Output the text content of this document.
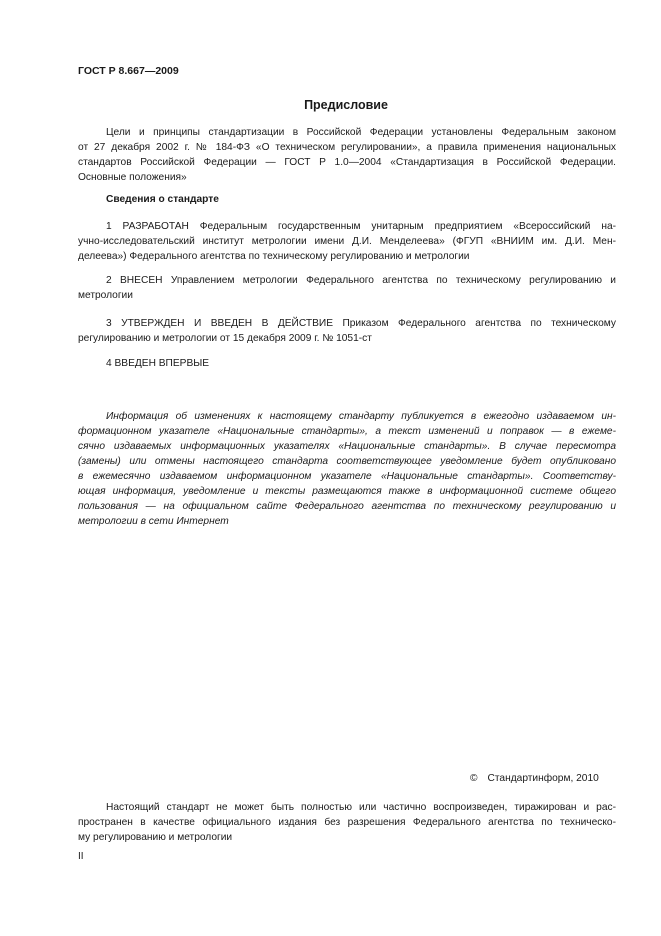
ГОСТ Р 8.667—2009
Предисловие
Цели и принципы стандартизации в Российской Федерации установлены Федеральным законом
от 27 декабря 2002 г. № 184-ФЗ «О техническом регулировании», а правила применения национальных
стандартов Российской Федерации — ГОСТ Р 1.0—2004 «Стандартизация в Российской Федерации.
Основные положения»
Сведения о стандарте
1 РАЗРАБОТАН Федеральным государственным унитарным предприятием «Всероссийский на-
учно-исследовательский институт метрологии имени Д.И. Менделеева» (ФГУП «ВНИИМ им. Д.И. Мен-
делеева») Федерального агентства по техническому регулированию и метрологии
2 ВНЕСЕН Управлением метрологии Федерального агентства по техническому регулированию и
метрологии
3 УТВЕРЖДЕН И ВВЕДЕН В ДЕЙСТВИЕ Приказом Федерального агентства по техническому
регулированию и метрологии от 15 декабря 2009 г. № 1051-ст
4 ВВЕДЕН ВПЕРВЫЕ
Информация об изменениях к настоящему стандарту публикуется в ежегодно издаваемом ин-
формационном указателе «Национальные стандарты», а текст изменений и поправок — в ежеме-
сячно издаваемых информационных указателях «Национальные стандарты». В случае пересмотра
(замены) или отмены настоящего стандарта соответствующее уведомление будет опубликовано
в ежемесячно издаваемом информационном указателе «Национальные стандарты». Соответству-
ющая информация, уведомление и тексты размещаются также в информационной системе общего
пользования — на официальном сайте Федерального агентства по техническому регулированию и
метрологии в сети Интернет
© Стандартинформ, 2010
Настоящий стандарт не может быть полностью или частично воспроизведен, тиражирован и рас-
пространен в качестве официального издания без разрешения Федерального агентства по техническо-
му регулированию и метрологии
II
